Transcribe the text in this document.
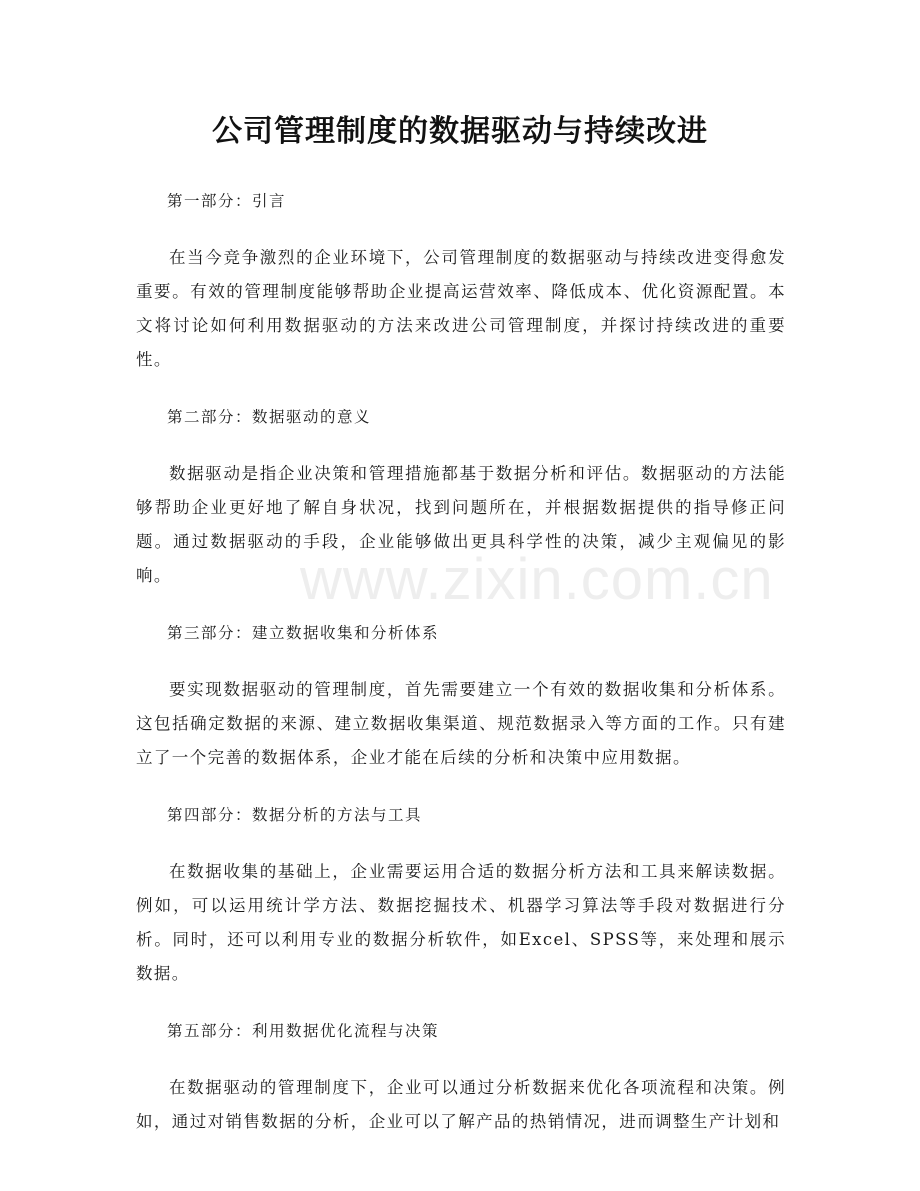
公司管理制度的数据驱动与持续改进

第一部分：引言

在当今竞争激烈的企业环境下，公司管理制度的数据驱动与持续改进变得愈发重要。有效的管理制度能够帮助企业提高运营效率、降低成本、优化资源配置。本文将讨论如何利用数据驱动的方法来改进公司管理制度，并探讨持续改进的重要性。

第二部分：数据驱动的意义

数据驱动是指企业决策和管理措施都基于数据分析和评估。数据驱动的方法能够帮助企业更好地了解自身状况，找到问题所在，并根据数据提供的指导修正问题。通过数据驱动的手段，企业能够做出更具科学性的决策，减少主观偏见的影响。

第三部分：建立数据收集和分析体系

要实现数据驱动的管理制度，首先需要建立一个有效的数据收集和分析体系。这包括确定数据的来源、建立数据收集渠道、规范数据录入等方面的工作。只有建立了一个完善的数据体系，企业才能在后续的分析和决策中应用数据。

第四部分：数据分析的方法与工具

在数据收集的基础上，企业需要运用合适的数据分析方法和工具来解读数据。例如，可以运用统计学方法、数据挖掘技术、机器学习算法等手段对数据进行分析。同时，还可以利用专业的数据分析软件，如Excel、SPSS等，来处理和展示数据。

第五部分：利用数据优化流程与决策

在数据驱动的管理制度下，企业可以通过分析数据来优化各项流程和决策。例如，通过对销售数据的分析，企业可以了解产品的热销情况，进而调整生产计划和

www.zixin.com.cn
